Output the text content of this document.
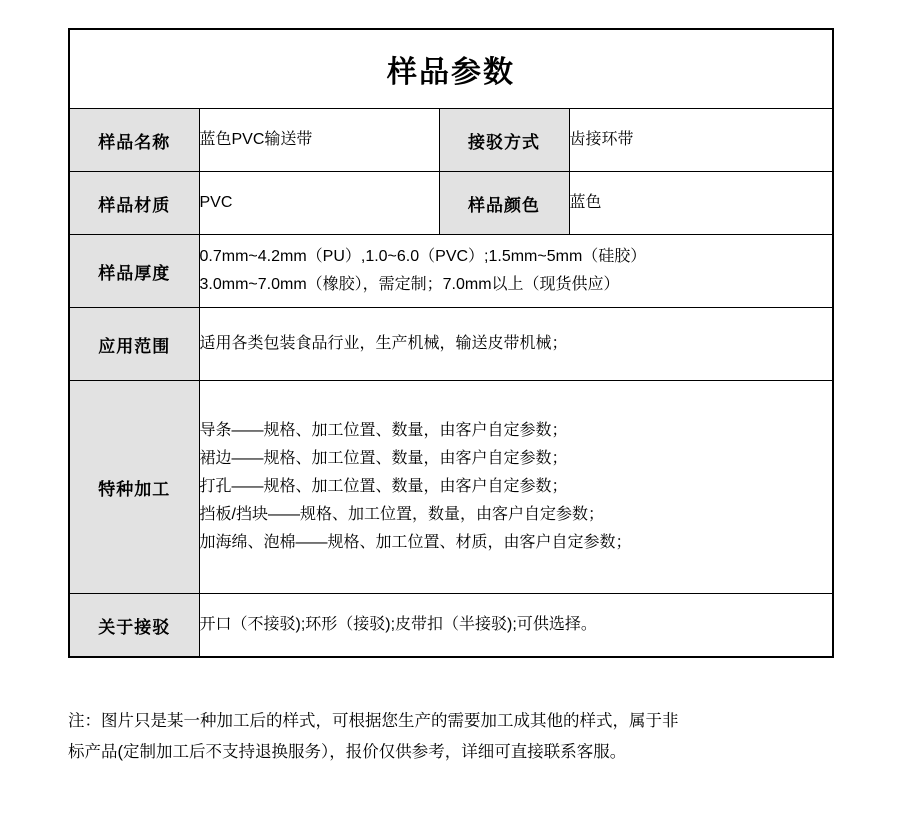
样品参数			
样品名称	蓝色PVC输送带	接驳方式	齿接环带
样品材质	PVC	样品颜色	蓝色
样品厚度	0.7mm~4.2mm（PU）,1.0~6.0（PVC）;1.5mm~5mm（硅胶）
3.0mm~7.0mm（橡胶），需定制；7.0mm以上（现货供应）		

应用范围	适用各类包装食品行业，生产机械，输送皮带机械；		
特种加工	导条——规格、加工位置、数量，由客户自定参数；
裙边——规格、加工位置、数量，由客户自定参数；
打孔——规格、加工位置、数量，由客户自定参数；
挡板/挡块——规格、加工位置，数量，由客户自定参数；
加海绵、泡棉——规格、加工位置、材质，由客户自定参数；		

关于接驳	开口（不接驳);环形（接驳);皮带扣（半接驳);可供选择。		
注：图片只是某一种加工后的样式，可根据您生产的需要加工成其他的样式，属于非
标产品(定制加工后不支持退换服务），报价仅供参考，详细可直接联系客服。
